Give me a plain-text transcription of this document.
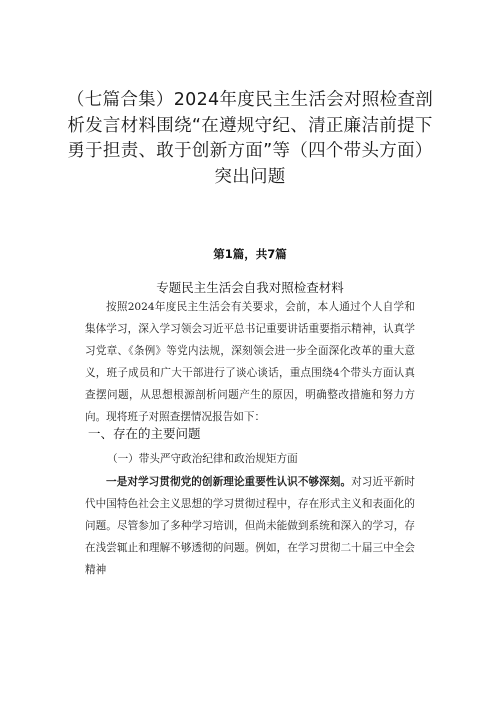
（七篇合集）2024年度民主生活会对照检查剖析发言材料围绕“在遵规守纪、清正廉洁前提下勇于担责、敢于创新方面”等（四个带头方面）突出问题
第1篇，共7篇
专题民主生活会自我对照检查材料
按照2024年度民主生活会有关要求，会前，本人通过个人自学和集体学习，深入学习领会习近平总书记重要讲话重要指示精神，认真学习党章、《条例》等党内法规，深刻领会进一步全面深化改革的重大意义，班子成员和广大干部进行了谈心谈话，重点围绕4个带头方面认真查摆问题，从思想根源剖析问题产生的原因，明确整改措施和努力方向。现将班子对照查摆情况报告如下：
一、存在的主要问题
（一）带头严守政治纪律和政治规矩方面
一是对学习贯彻党的创新理论重要性认识不够深刻。对习近平新时代中国特色社会主义思想的学习贯彻过程中，存在形式主义和表面化的问题。尽管参加了多种学习培训，但尚未能做到系统和深入的学习，存在浅尝辄止和理解不够透彻的问题。例如，在学习贯彻二十届三中全会精神
